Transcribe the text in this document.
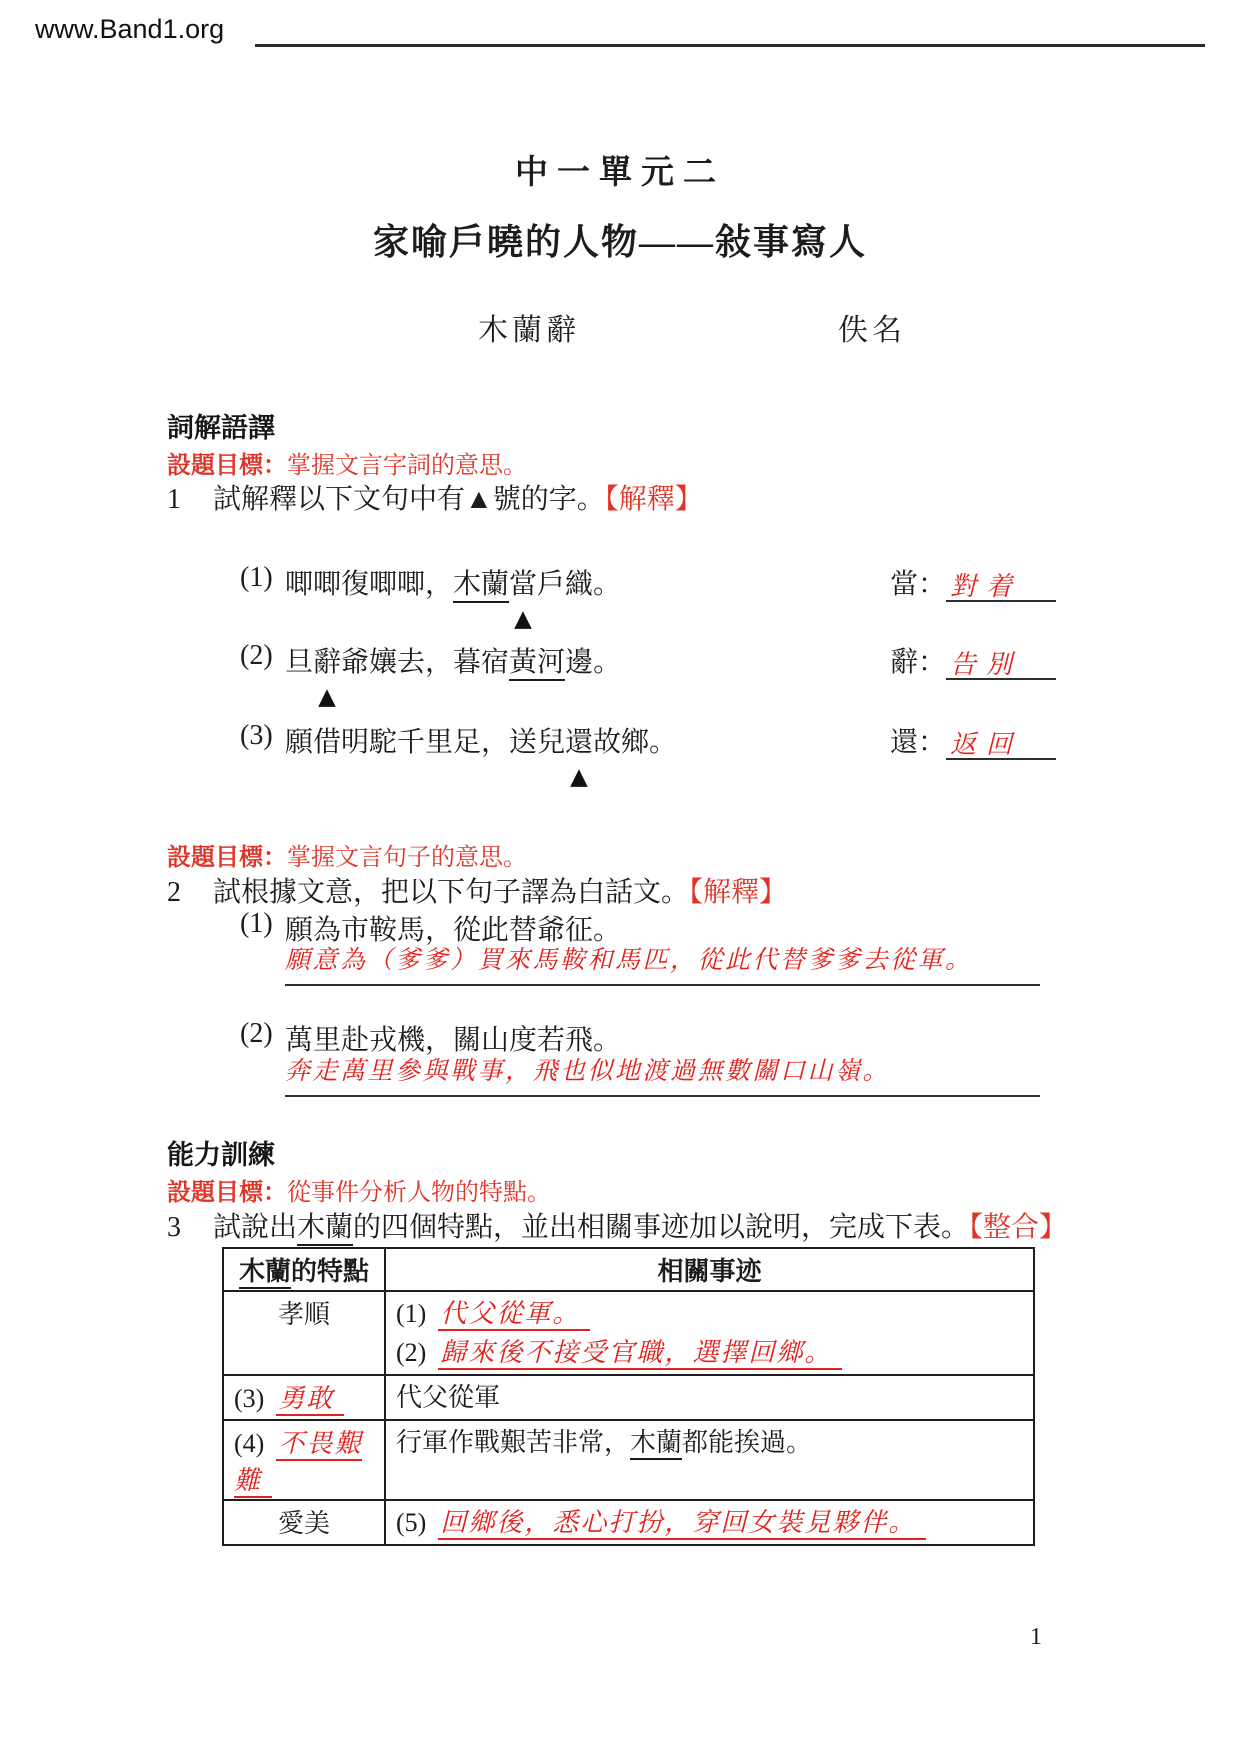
www.Band1.org
中一單元二
家喻戶曉的人物——敍事寫人
木蘭辭	佚名
詞解語譯
設題目標：掌握文言字詞的意思。
1 試解釋以下文句中有▲號的字。【解釋】
(1) 唧唧復唧唧，木蘭當
▲
戶織。	當： 對着
(2) 旦辭
▲
爺孃去，暮宿黃河邊。	辭： 告別
(3) 願借明駝千里足，送兒還
▲
故鄉。	還： 返回
設題目標：掌握文言句子的意思。
2 試根據文意，把以下句子譯為白話文。【解釋】
(1) 願為市鞍馬，從此替爺征。
願意為（爹爹）買來馬鞍和馬匹，從此代替爹爹去從軍。
(2) 萬里赴戎機，關山度若飛。
奔走萬里參與戰事，飛也似地渡過無數關口山嶺。
能力訓練
設題目標：從事件分析人物的特點。
3 試說出木蘭的四個特點，並出相關事迹加以說明，完成下表。【整合】
木蘭的特點	相關事迹
孝順	(1) 代父從軍。
(2) 歸來後不接受官職，選擇回鄉。

(3) 勇敢	代父從軍

(4) 不畏艱難	行軍作戰艱苦非常，木蘭都能挨過。

愛美	(5) 回鄉後，悉心打扮，穿回女裝見夥伴。
1
